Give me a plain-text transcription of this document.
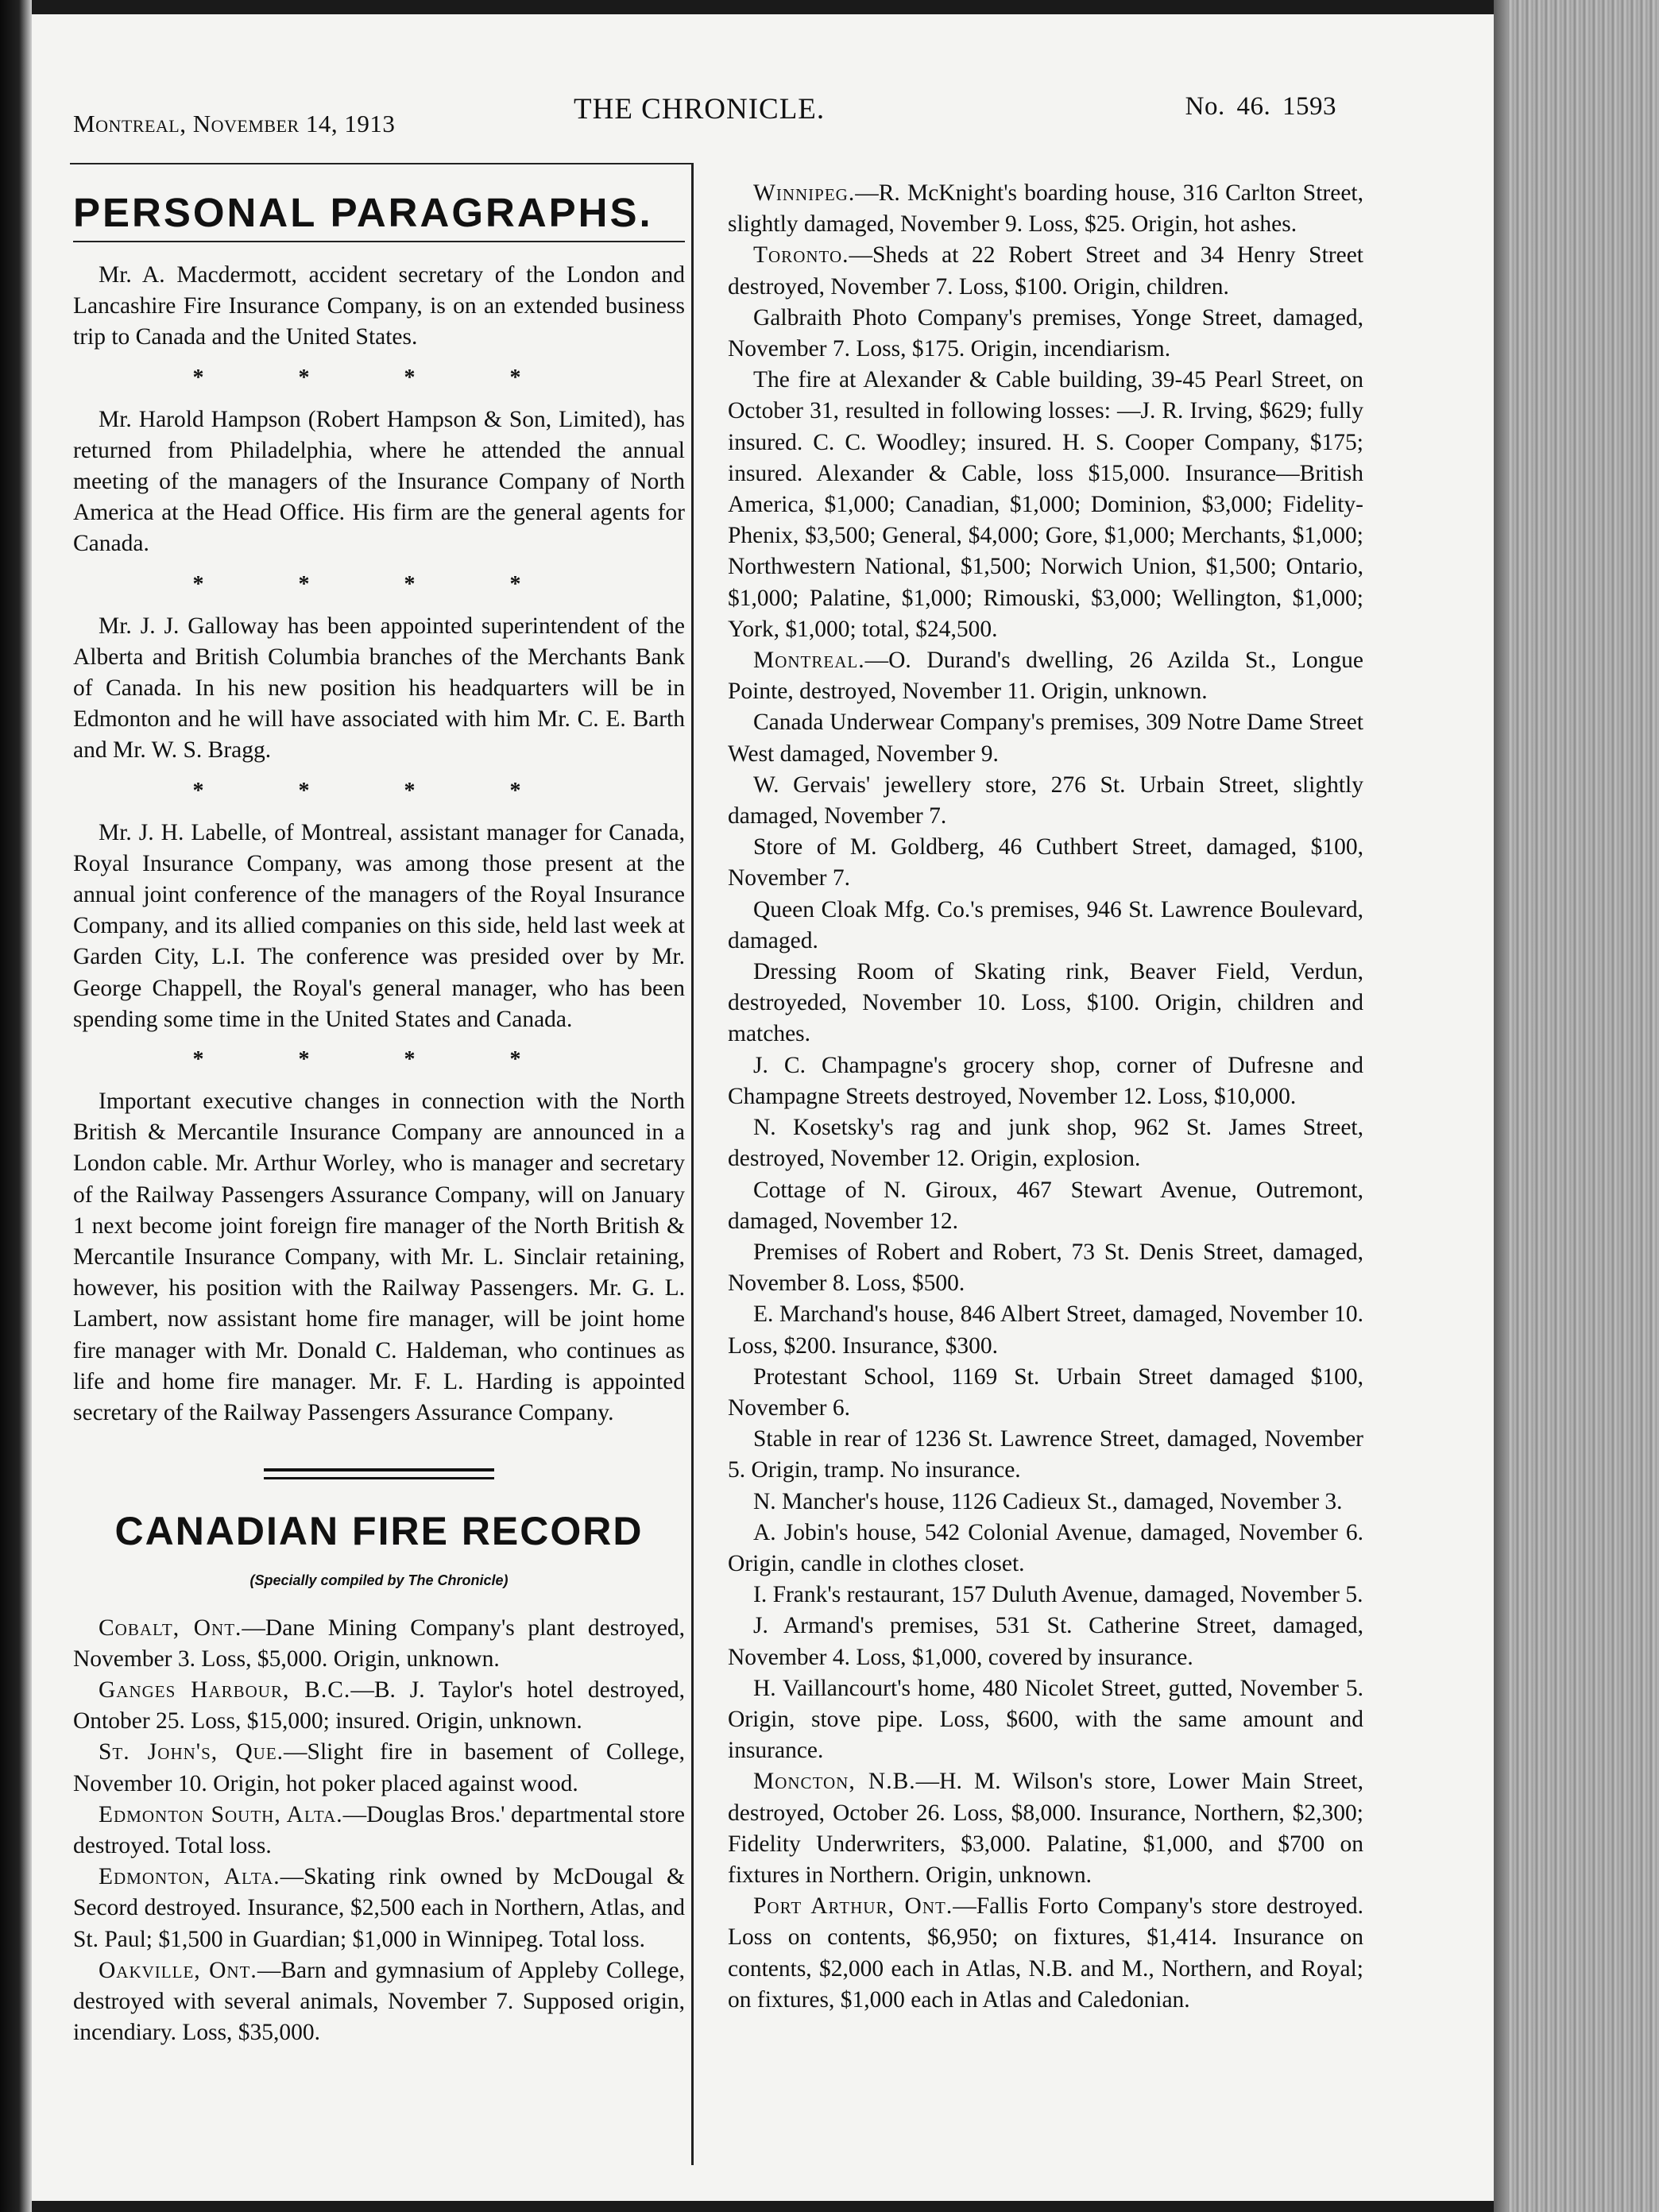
Montreal, November 14, 1913	THE CHRONICLE.	No. 46. 1593
PERSONAL PARAGRAPHS.

Mr. A. Macdermott, accident secretary of the London and Lancashire Fire Insurance Company, is on an extended business trip to Canada and the United States.

* * * *

Mr. Harold Hampson (Robert Hampson & Son, Limited), has returned from Philadelphia, where he attended the annual meeting of the managers of the Insurance Company of North America at the Head Office. His firm are the general agents for Canada.

* * * *

Mr. J. J. Galloway has been appointed superintendent of the Alberta and British Columbia branches of the Merchants Bank of Canada. In his new position his headquarters will be in Edmonton and he will have associated with him Mr. C. E. Barth and Mr. W. S. Bragg.

* * * *

Mr. J. H. Labelle, of Montreal, assistant manager for Canada, Royal Insurance Company, was among those present at the annual joint conference of the managers of the Royal Insurance Company, and its allied companies on this side, held last week at Garden City, L.I. The conference was presided over by Mr. George Chappell, the Royal's general manager, who has been spending some time in the United States and Canada.

* * * *

Important executive changes in connection with the North British & Mercantile Insurance Company are announced in a London cable. Mr. Arthur Worley, who is manager and secretary of the Railway Passengers Assurance Company, will on January 1 next become joint foreign fire manager of the North British & Mercantile Insurance Company, with Mr. L. Sinclair retaining, however, his position with the Railway Passengers. Mr. G. L. Lambert, now assistant home fire manager, will be joint home fire manager with Mr. Donald C. Haldeman, who continues as life and home fire manager. Mr. F. L. Harding is appointed secretary of the Railway Passengers Assurance Company.

CANADIAN FIRE RECORD
(Specially compiled by The Chronicle)

Cobalt, Ont.—Dane Mining Company's plant destroyed, November 3. Loss, $5,000. Origin, unknown.

Ganges Harbour, B.C.—B. J. Taylor's hotel destroyed, Ontober 25. Loss, $15,000; insured. Origin, unknown.

St. John's, Que.—Slight fire in basement of College, November 10. Origin, hot poker placed against wood.

Edmonton South, Alta.—Douglas Bros.' departmental store destroyed. Total loss.

Edmonton, Alta.—Skating rink owned by McDougal & Secord destroyed. Insurance, $2,500 each in Northern, Atlas, and St. Paul; $1,500 in Guardian; $1,000 in Winnipeg. Total loss.

Oakville, Ont.—Barn and gymnasium of Appleby College, destroyed with several animals, November 7. Supposed origin, incendiary. Loss, $35,000.

Winnipeg.—R. McKnight's boarding house, 316 Carlton Street, slightly damaged, November 9. Loss, $25. Origin, hot ashes.

Toronto.—Sheds at 22 Robert Street and 34 Henry Street destroyed, November 7. Loss, $100. Origin, children.

Galbraith Photo Company's premises, Yonge Street, damaged, November 7. Loss, $175. Origin, incendiarism.

The fire at Alexander & Cable building, 39-45 Pearl Street, on October 31, resulted in following losses: —J. R. Irving, $629; fully insured. C. C. Woodley; insured. H. S. Cooper Company, $175; insured. Alexander & Cable, loss $15,000. Insurance—British America, $1,000; Canadian, $1,000; Dominion, $3,000; Fidelity-Phenix, $3,500; General, $4,000; Gore, $1,000; Merchants, $1,000; Northwestern National, $1,500; Norwich Union, $1,500; Ontario, $1,000; Palatine, $1,000; Rimouski, $3,000; Wellington, $1,000; York, $1,000; total, $24,500.

Montreal.—O. Durand's dwelling, 26 Azilda St., Longue Pointe, destroyed, November 11. Origin, unknown.

Canada Underwear Company's premises, 309 Notre Dame Street West damaged, November 9.

W. Gervais' jewellery store, 276 St. Urbain Street, slightly damaged, November 7.

Store of M. Goldberg, 46 Cuthbert Street, damaged, $100, November 7.

Queen Cloak Mfg. Co.'s premises, 946 St. Lawrence Boulevard, damaged.

Dressing Room of Skating rink, Beaver Field, Verdun, destroyeded, November 10. Loss, $100. Origin, children and matches.

J. C. Champagne's grocery shop, corner of Dufresne and Champagne Streets destroyed, November 12. Loss, $10,000.

N. Kosetsky's rag and junk shop, 962 St. James Street, destroyed, November 12. Origin, explosion.

Cottage of N. Giroux, 467 Stewart Avenue, Outremont, damaged, November 12.

Premises of Robert and Robert, 73 St. Denis Street, damaged, November 8. Loss, $500.

E. Marchand's house, 846 Albert Street, damaged, November 10. Loss, $200. Insurance, $300.

Protestant School, 1169 St. Urbain Street damaged $100, November 6.

Stable in rear of 1236 St. Lawrence Street, damaged, November 5. Origin, tramp. No insurance.

N. Mancher's house, 1126 Cadieux St., damaged, November 3.

A. Jobin's house, 542 Colonial Avenue, damaged, November 6. Origin, candle in clothes closet.

I. Frank's restaurant, 157 Duluth Avenue, damaged, November 5.

J. Armand's premises, 531 St. Catherine Street, damaged, November 4. Loss, $1,000, covered by insurance.

H. Vaillancourt's home, 480 Nicolet Street, gutted, November 5. Origin, stove pipe. Loss, $600, with the same amount and insurance.

Moncton, N.B.—H. M. Wilson's store, Lower Main Street, destroyed, October 26. Loss, $8,000. Insurance, Northern, $2,300; Fidelity Underwriters, $3,000. Palatine, $1,000, and $700 on fixtures in Northern. Origin, unknown.

Port Arthur, Ont.—Fallis Forto Company's store destroyed. Loss on contents, $6,950; on fixtures, $1,414. Insurance on contents, $2,000 each in Atlas, N.B. and M., Northern, and Royal; on fixtures, $1,000 each in Atlas and Caledonian.
